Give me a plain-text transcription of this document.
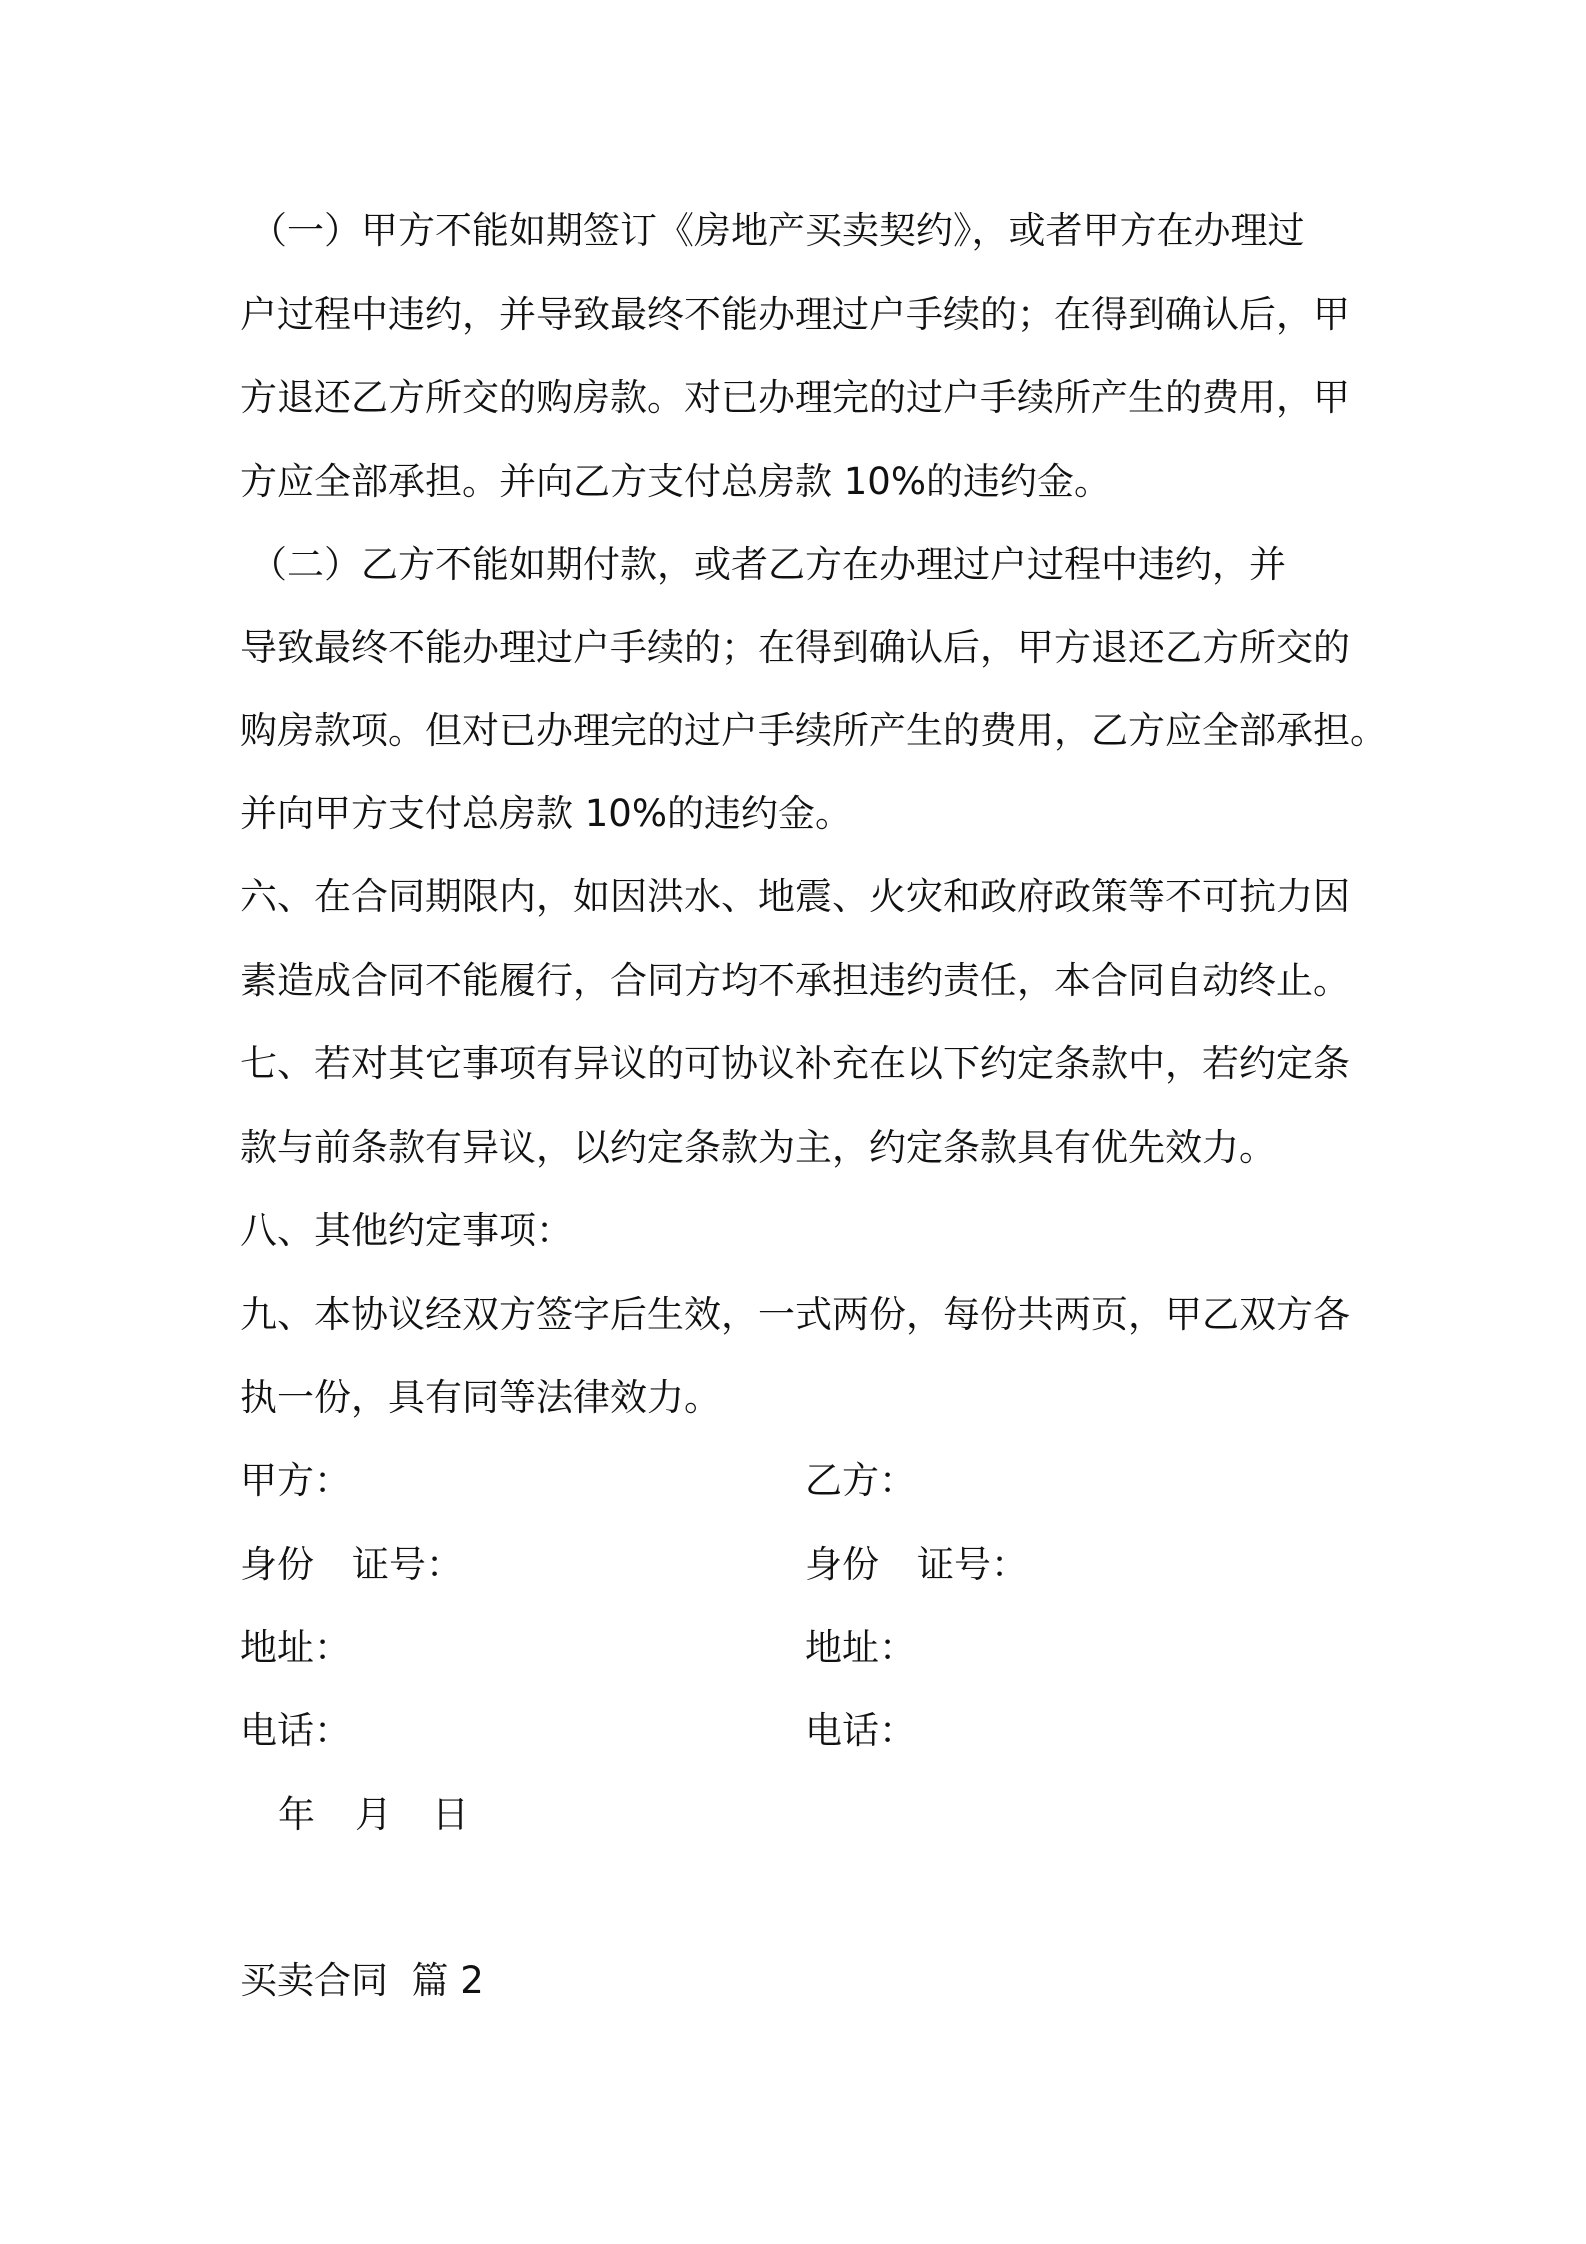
（一）甲方不能如期签订《房地产买卖契约》，或者甲方在办理过
户过程中违约，并导致最终不能办理过户手续的；在得到确认后，甲
方退还乙方所交的购房款。对已办理完的过户手续所产生的费用，甲
方应全部承担。并向乙方支付总房款 10%的违约金。
（二）乙方不能如期付款，或者乙方在办理过户过程中违约，并
导致最终不能办理过户手续的；在得到确认后，甲方退还乙方所交的
购房款项。但对已办理完的过户手续所产生的费用，乙方应全部承担。
并向甲方支付总房款 10%的违约金。
六、在合同期限内，如因洪水、地震、火灾和政府政策等不可抗力因
素造成合同不能履行，合同方均不承担违约责任，本合同自动终止。
七、若对其它事项有异议的可协议补充在以下约定条款中，若约定条
款与前条款有异议，以约定条款为主，约定条款具有优先效力。
八、其他约定事项：
九、本协议经双方签字后生效，一式两份，每份共两页，甲乙双方各
执一份，具有同等法律效力。
甲方：
身份 证号：
地址：
电话：
乙方：
身份 证号：
地址：
电话：
年 月 日
买卖合同  篇 2
